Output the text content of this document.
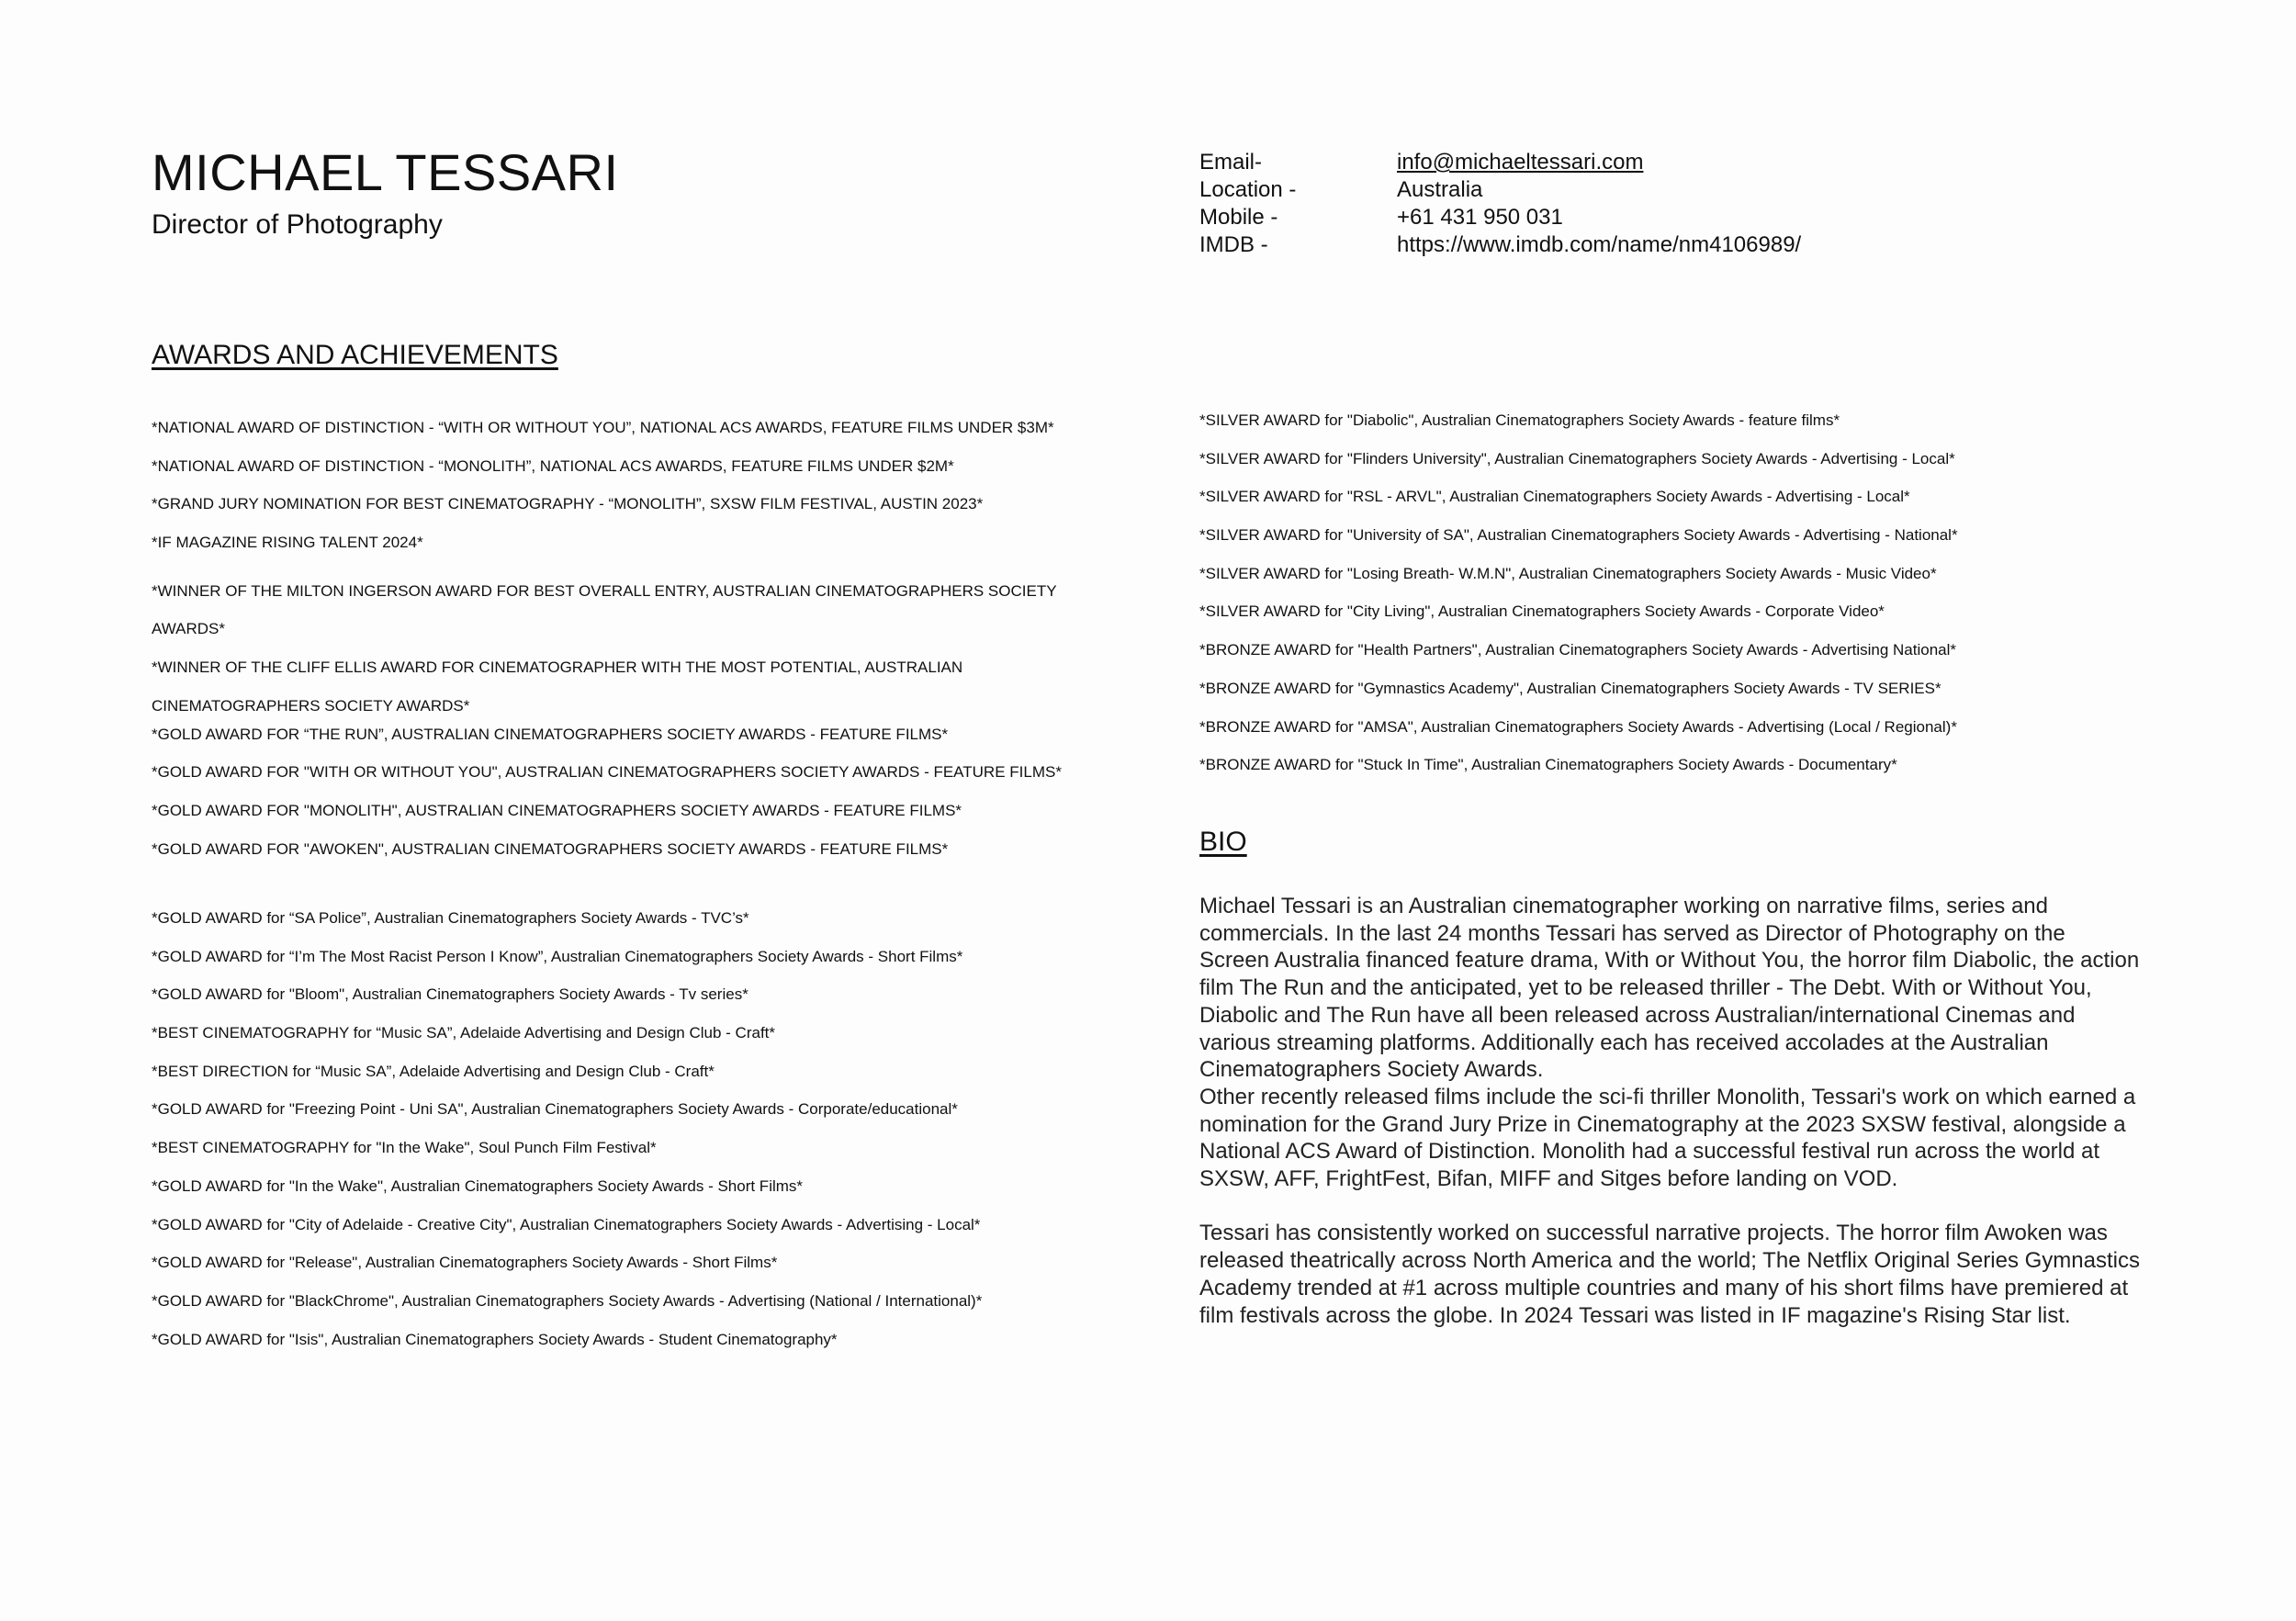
MICHAEL TESSARI

Director of Photography

Email-	info@michaeltessari.com
Location -	Australia
Mobile -	+61 431 950 031
IMDB -	https://www.imdb.com/name/nm4106989/
AWARDS AND ACHIEVEMENTS
*NATIONAL AWARD OF DISTINCTION - “WITH OR WITHOUT YOU”, NATIONAL ACS AWARDS, FEATURE FILMS UNDER $3M*
*NATIONAL AWARD OF DISTINCTION - “MONOLITH”, NATIONAL ACS AWARDS, FEATURE FILMS UNDER $2M*
*GRAND JURY NOMINATION FOR BEST CINEMATOGRAPHY - “MONOLITH”, SXSW FILM FESTIVAL, AUSTIN 2023*
*IF MAGAZINE RISING TALENT 2024*
*WINNER OF THE MILTON INGERSON AWARD FOR BEST OVERALL ENTRY, AUSTRALIAN CINEMATOGRAPHERS SOCIETY AWARDS*
*WINNER OF THE CLIFF ELLIS AWARD FOR CINEMATOGRAPHER WITH THE MOST POTENTIAL, AUSTRALIAN CINEMATOGRAPHERS SOCIETY AWARDS*
*GOLD AWARD FOR “THE RUN”, AUSTRALIAN CINEMATOGRAPHERS SOCIETY AWARDS - FEATURE FILMS*
*GOLD AWARD FOR "WITH OR WITHOUT YOU", AUSTRALIAN CINEMATOGRAPHERS SOCIETY AWARDS - FEATURE FILMS*
*GOLD AWARD FOR "MONOLITH", AUSTRALIAN CINEMATOGRAPHERS SOCIETY AWARDS - FEATURE FILMS*
*GOLD AWARD FOR "AWOKEN", AUSTRALIAN CINEMATOGRAPHERS SOCIETY AWARDS - FEATURE FILMS*
*GOLD AWARD for “SA Police”, Australian Cinematographers Society Awards - TVC’s*
*GOLD AWARD for “I’m The Most Racist Person I Know”, Australian Cinematographers Society Awards - Short Films*
*GOLD AWARD for "Bloom", Australian Cinematographers Society Awards - Tv series*
*BEST CINEMATOGRAPHY for “Music SA”, Adelaide Advertising and Design Club - Craft*
*BEST DIRECTION for “Music SA”, Adelaide Advertising and Design Club - Craft*
*GOLD AWARD for "Freezing Point - Uni SA", Australian Cinematographers Society Awards - Corporate/educational*
*BEST CINEMATOGRAPHY for "In the Wake", Soul Punch Film Festival*
*GOLD AWARD for "In the Wake", Australian Cinematographers Society Awards - Short Films*
*GOLD AWARD for "City of Adelaide - Creative City", Australian Cinematographers Society Awards - Advertising - Local*
*GOLD AWARD for "Release", Australian Cinematographers Society Awards - Short Films*
*GOLD AWARD for "BlackChrome", Australian Cinematographers Society Awards - Advertising (National / International)*
*GOLD AWARD for "Isis", Australian Cinematographers Society Awards - Student Cinematography*
*SILVER AWARD for "Diabolic", Australian Cinematographers Society Awards - feature films*
*SILVER AWARD for "Flinders University", Australian Cinematographers Society Awards - Advertising - Local*
*SILVER AWARD for "RSL - ARVL", Australian Cinematographers Society Awards - Advertising - Local*
*SILVER AWARD for "University of SA", Australian Cinematographers Society Awards - Advertising - National*
*SILVER AWARD for "Losing Breath- W.M.N", Australian Cinematographers Society Awards - Music Video*
*SILVER AWARD for "City Living", Australian Cinematographers Society Awards - Corporate Video*
*BRONZE AWARD for "Health Partners", Australian Cinematographers Society Awards - Advertising National*
*BRONZE AWARD for "Gymnastics Academy", Australian Cinematographers Society Awards - TV SERIES*
*BRONZE AWARD for "AMSA", Australian Cinematographers Society Awards - Advertising (Local / Regional)*
*BRONZE AWARD for "Stuck In Time", Australian Cinematographers Society Awards - Documentary*
BIO

Michael Tessari is an Australian cinematographer working on narrative films, series and commercials. In the last 24 months Tessari has served as Director of Photography on the Screen Australia financed feature drama, With or Without You, the horror film Diabolic, the action film The Run and the anticipated, yet to be released thriller - The Debt. With or Without You, Diabolic and The Run have all been released across Australian/international Cinemas and various streaming platforms. Additionally each has received accolades at the Australian Cinematographers Society Awards.

Other recently released films include the sci-fi thriller Monolith, Tessari's work on which earned a nomination for the Grand Jury Prize in Cinematography at the 2023 SXSW festival, alongside a National ACS Award of Distinction. Monolith had a successful festival run across the world at SXSW, AFF, FrightFest, Bifan, MIFF and Sitges before landing on VOD.

Tessari has consistently worked on successful narrative projects. The horror film Awoken was released theatrically across North America and the world; The Netflix Original Series Gymnastics Academy trended at #1 across multiple countries and many of his short films have premiered at film festivals across the globe. In 2024 Tessari was listed in IF magazine's Rising Star list.
